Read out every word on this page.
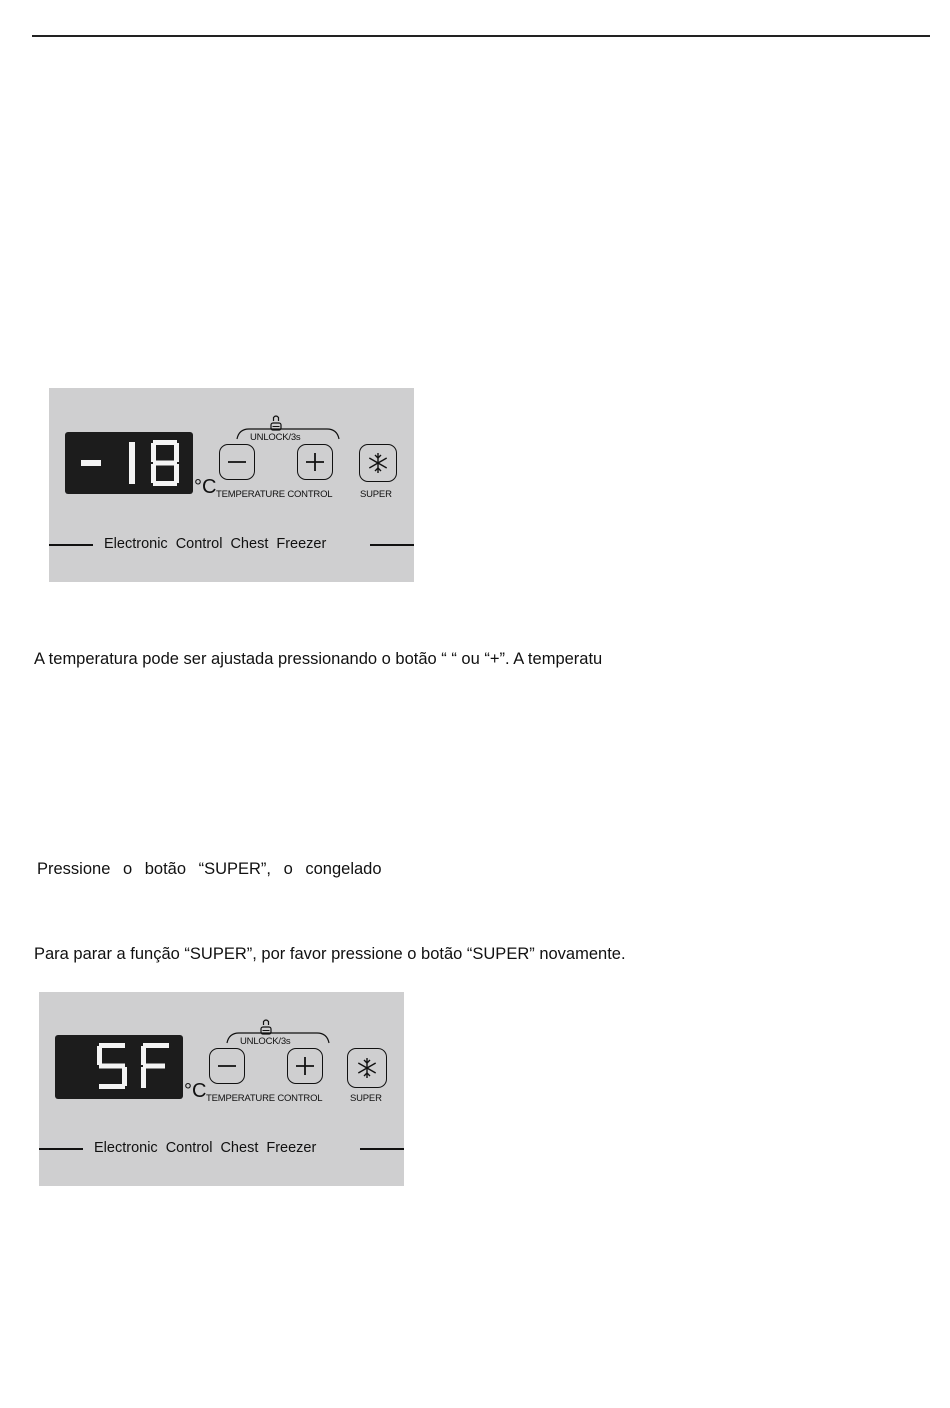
°C
UNLOCK/3s
TEMPERATURE CONTROL	SUPER
Electronic Control Chest Freezer

A temperatura pode ser ajustada pressionando o botão “ “ ou “+”. A temperatu

Pressione o botão “SUPER”, o congelado

Para parar a função “SUPER”, por favor pressione o botão “SUPER” novamente.

°C
UNLOCK/3s
TEMPERATURE CONTROL	SUPER
Electronic Control Chest Freezer
